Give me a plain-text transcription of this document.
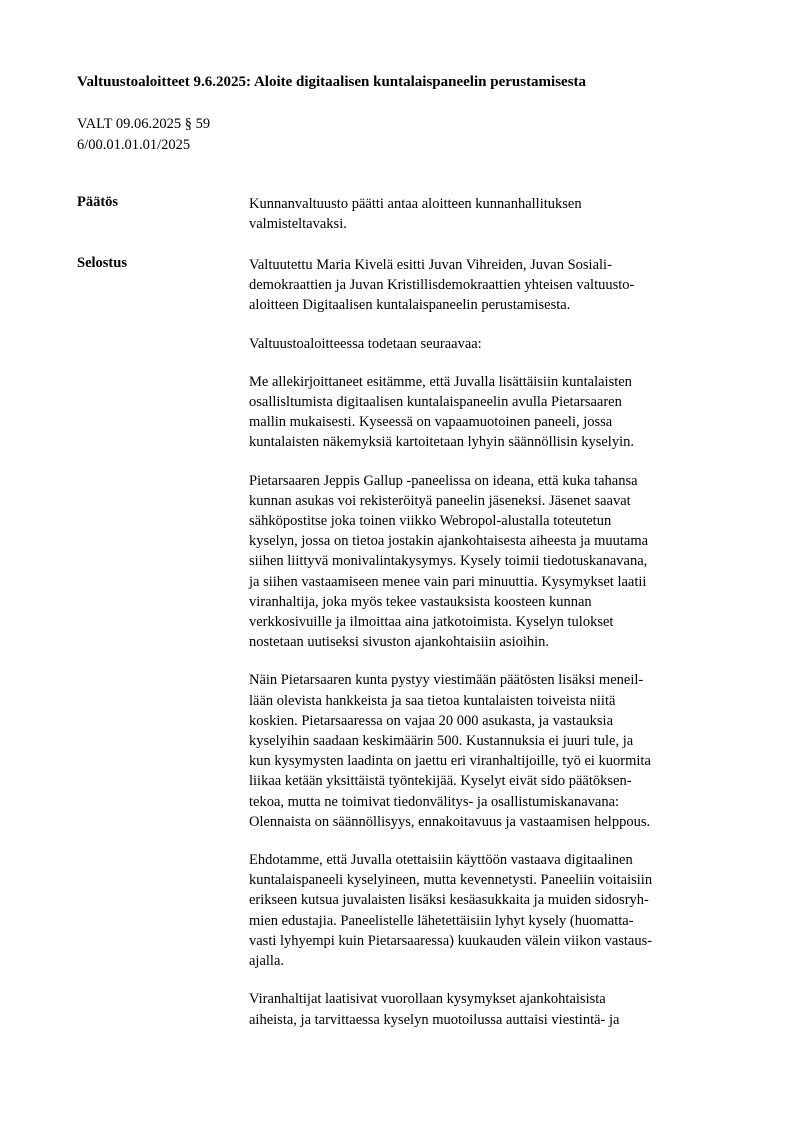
Valtuustoaloitteet 9.6.2025: Aloite digitaalisen kuntalaispaneelin perustamisesta
VALT 09.06.2025 § 59
6/00.01.01.01/2025
Päätös	Kunnanvaltuusto päätti antaa aloitteen kunnanhallituksen
valmisteltavaksi.

Selostus	Valtuutettu Maria Kivelä esitti Juvan Vihreiden, Juvan Sosiali-
demokraattien ja Juvan Kristillisdemokraattien yhteisen valtuusto-
aloitteen Digitaalisen kuntalaispaneelin perustamisesta.

Valtuustoaloitteessa todetaan seuraavaa:

Me allekirjoittaneet esitämme, että Juvalla lisättäisiin kuntalaisten
osallisltumista digitaalisen kuntalaispaneelin avulla Pietarsaaren
mallin mukaisesti. Kyseessä on vapaamuotoinen paneeli, jossa
kuntalaisten näkemyksiä kartoitetaan lyhyin säännöllisin kyselyin.

Pietarsaaren Jeppis Gallup -paneelissa on ideana, että kuka tahansa
kunnan asukas voi rekisteröityä paneelin jäseneksi. Jäsenet saavat
sähköpostitse joka toinen viikko Webropol-alustalla toteutetun
kyselyn, jossa on tietoa jostakin ajankohtaisesta aiheesta ja muutama
siihen liittyvä monivalintakysymys. Kysely toimii tiedotuskanavana,
ja siihen vastaamiseen menee vain pari minuuttia. Kysymykset laatii
viranhaltija, joka myös tekee vastauksista koosteen kunnan
verkkosivuille ja ilmoittaa aina jatkotoimista. Kyselyn tulokset
nostetaan uutiseksi sivuston ajankohtaisiin asioihin.

Näin Pietarsaaren kunta pystyy viestimään päätösten lisäksi meneil-
lään olevista hankkeista ja saa tietoa kuntalaisten toiveista niitä
koskien. Pietarsaaressa on vajaa 20 000 asukasta, ja vastauksia
kyselyihin saadaan keskimäärin 500. Kustannuksia ei juuri tule, ja
kun kysymysten laadinta on jaettu eri viranhaltijoille, työ ei kuormita
liikaa ketään yksittäistä työntekijää. Kyselyt eivät sido päätöksen-
tekoa, mutta ne toimivat tiedonvälitys- ja osallistumiskanavana:
Olennaista on säännöllisyys, ennakoitavuus ja vastaamisen helppous.

Ehdotamme, että Juvalla otettaisiin käyttöön vastaava digitaalinen
kuntalaispaneeli kyselyineen, mutta kevennetysti. Paneeliin voitaisiin
erikseen kutsua juvalaisten lisäksi kesäasukkaita ja muiden sidosryh-
mien edustajia. Paneelistelle lähetettäisiin lyhyt kysely (huomatta-
vasti lyhyempi kuin Pietarsaaressa) kuukauden välein viikon vastaus-
ajalla.

Viranhaltijat laatisivat vuorollaan kysymykset ajankohtaisista
aiheista, ja tarvittaessa kyselyn muotoilussa auttaisi viestintä- ja
